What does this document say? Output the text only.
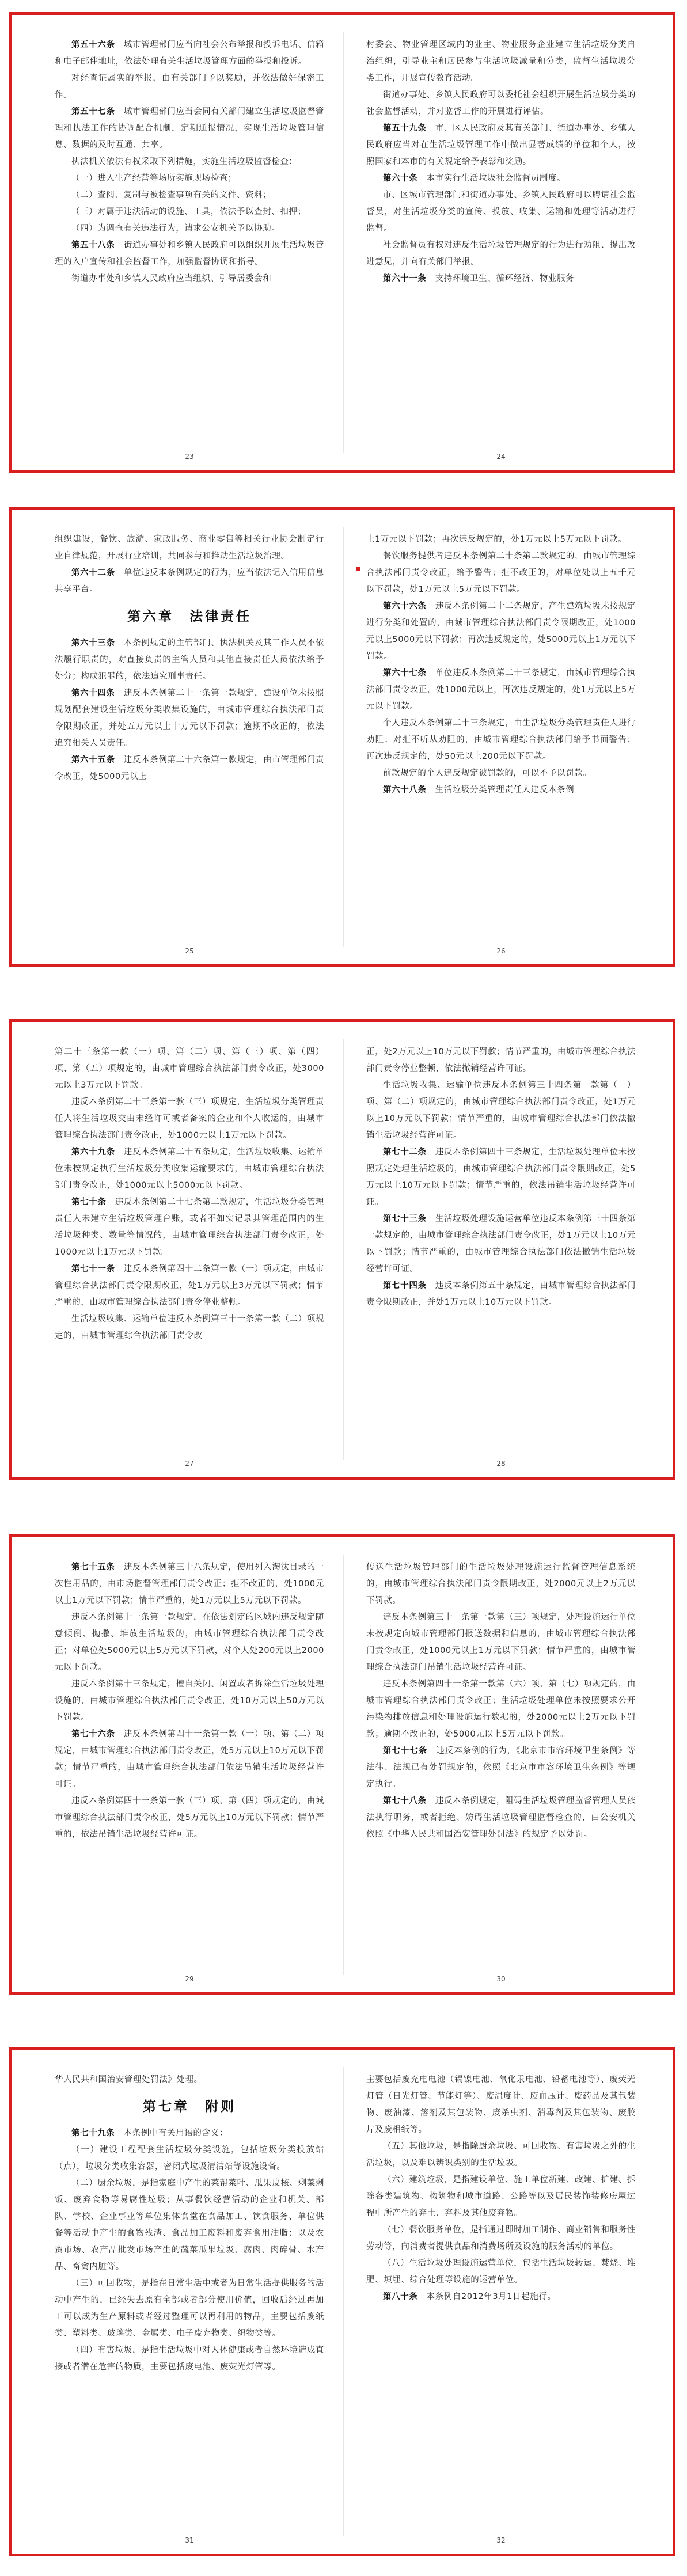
第五十六条　 城市管理部门应当向社会公布举报和投诉电话、信箱和电子邮件地址，依法处理有关生活垃圾管理方面的举报和投诉。

对经查证属实的举报，由有关部门予以奖励，并依法做好保密工作。

第五十七条　 城市管理部门应当会同有关部门建立生活垃圾监督管理和执法工作的协调配合机制，定期通报情况，实现生活垃圾管理信息、数据的及时互通、共享。

执法机关依法有权采取下列措施，实施生活垃圾监督检查：

（一）进入生产经营等场所实施现场检查；

（二）查阅、复制与被检查事项有关的文件、资料；

（三）对属于违法活动的设施、工具，依法予以查封、扣押；

（四）为调查有关违法行为，请求公安机关予以协助。

第五十八条　 街道办事处和乡镇人民政府可以组织开展生活垃圾管理的入户宣传和社会监督工作，加强监督协调和指导。

街道办事处和乡镇人民政府应当组织、引导居委会和

村委会、物业管理区域内的业主、物业服务企业建立生活垃圾分类自治组织，引导业主和居民参与生活垃圾减量和分类，监督生活垃圾分类工作，开展宣传教育活动。

街道办事处、乡镇人民政府可以委托社会组织开展生活垃圾分类的社会监督活动，并对监督工作的开展进行评估。

第五十九条　 市、区人民政府及其有关部门、街道办事处、乡镇人民政府应当对在生活垃圾管理工作中做出显著成绩的单位和个人，按照国家和本市的有关规定给予表彰和奖励。

第六十条　 本市实行生活垃圾社会监督员制度。

市、区城市管理部门和街道办事处、乡镇人民政府可以聘请社会监督员，对生活垃圾分类的宣传、投放、收集、运输和处理等活动进行监督。

社会监督员有权对违反生活垃圾管理规定的行为进行劝阻、提出改进意见，并向有关部门举报。

第六十一条　 支持环境卫生、循环经济、物业服务

23	24

组织建设，餐饮、旅游、家政服务、商业零售等相关行业协会制定行业自律规范，开展行业培训，共同参与和推动生活垃圾治理。

第六十二条　 单位违反本条例规定的行为，应当依法记入信用信息共享平台。

第六章　法律责任

第六十三条　 本条例规定的主管部门、执法机关及其工作人员不依法履行职责的，对直接负责的主管人员和其他直接责任人员依法给予处分；构成犯罪的，依法追究刑事责任。

第六十四条　 违反本条例第二十一条第一款规定，建设单位未按照规划配套建设生活垃圾分类收集设施的，由城市管理综合执法部门责令限期改正，并处五万元以上十万元以下罚款；逾期不改正的，依法追究相关人员责任。

第六十五条　 违反本条例第二十六条第一款规定，由市管理部门责令改正，处5000元以上

上1万元以下罚款；再次违反规定的，处1万元以上5万元以下罚款。

餐饮服务提供者违反本条例第二十条第二款规定的，由城市管理综合执法部门责令改正，给予警告；拒不改正的，对单位处以上五千元以下罚款，处1万元以上5万元以下罚款。

第六十六条　 违反本条例第二十二条规定，产生建筑垃圾未按规定进行分类和处置的，由城市管理综合执法部门责令限期改正，处1000元以上5000元以下罚款；再次违反规定的，处5000元以上1万元以下罚款。

第六十七条　 单位违反本条例第二十三条规定，由城市管理综合执法部门责令改正，处1000元以上，再次违反规定的，处1万元以上5万元以下罚款。

个人违反本条例第二十三条规定，由生活垃圾分类管理责任人进行劝阻；对拒不听从劝阻的，由城市管理综合执法部门给予书面警告；再次违反规定的，处50元以上200元以下罚款。

前款规定的个人违反规定被罚款的，可以不予以罚款。

第六十八条　 生活垃圾分类管理责任人违反本条例

25	26

第二十三条第一款（一）项、第（二）项、第（三）项、第（四）项、第（五）项规定的，由城市管理综合执法部门责令改正，处3000元以上3万元以下罚款。

违反本条例第二十三条第一款（三）项规定，生活垃圾分类管理责任人将生活垃圾交由未经许可或者备案的企业和个人收运的，由城市管理综合执法部门责令改正，处1000元以上1万元以下罚款。

第六十九条　 违反本条例第二十五条规定，生活垃圾收集、运输单位未按规定执行生活垃圾分类收集运输要求的，由城市管理综合执法部门责令改正，处1000元以上5000元以下罚款。

第七十条　 违反本条例第二十七条第二款规定，生活垃圾分类管理责任人未建立生活垃圾管理台账，或者不如实记录其管理范围内的生活垃圾种类、数量等情况的，由城市管理综合执法部门责令改正，处1000元以上1万元以下罚款。

第七十一条　 违反本条例第四十二条第一款（一）项规定，由城市管理综合执法部门责令限期改正，处1万元以上3万元以下罚款；情节严重的，由城市管理综合执法部门责令停业整顿。

生活垃圾收集、运输单位违反本条例第三十一条第一款（二）项规定的，由城市管理综合执法部门责令改

正，处2万元以上10万元以下罚款；情节严重的，由城市管理综合执法部门责令停业整顿，依法撤销经营许可证。

生活垃圾收集、运输单位违反本条例第三十四条第一款第（一）项、第（二）项规定的，由城市管理综合执法部门责令改正，处1万元以上10万元以下罚款；情节严重的，由城市管理综合执法部门依法撤销生活垃圾经营许可证。

第七十二条　 违反本条例第四十三条规定，生活垃圾处理单位未按照规定处理生活垃圾的，由城市管理综合执法部门责令限期改正，处5万元以上10万元以下罚款；情节严重的，依法吊销生活垃圾经营许可证。

第七十三条　 生活垃圾处理设施运营单位违反本条例第三十四条第一款规定的，由城市管理综合执法部门责令改正，处1万元以上10万元以下罚款；情节严重的，由城市管理综合执法部门依法撤销生活垃圾经营许可证。

第七十四条　 违反本条例第五十条规定，由城市管理综合执法部门责令限期改正，并处1万元以上10万元以下罚款。

27	28

第七十五条　 违反本条例第三十八条规定，使用列入淘汰目录的一次性用品的，由市场监督管理部门责令改正；拒不改正的，处1000元以上1万元以下罚款；情节严重的，处1万元以上5万元以下罚款。

违反本条例第十一条第一款规定，在依法划定的区域内违反规定随意倾倒、抛撒、堆放生活垃圾的，由城市管理综合执法部门责令改正；对单位处5000元以上5万元以下罚款，对个人处200元以上2000元以下罚款。

违反本条例第十三条规定，擅自关闭、闲置或者拆除生活垃圾处理设施的，由城市管理综合执法部门责令改正，处10万元以上50万元以下罚款。

第七十六条　 违反本条例第四十一条第一款（一）项、第（二）项规定，由城市管理综合执法部门责令改正，处5万元以上10万元以下罚款；情节严重的，由城市管理综合执法部门依法吊销生活垃圾经营许可证。

违反本条例第四十一条第一款（三）项、第（四）项规定的，由城市管理综合执法部门责令改正，处5万元以上10万元以下罚款；情节严重的，依法吊销生活垃圾经营许可证。

传送生活垃圾管理部门的生活垃圾处理设施运行监督管理信息系统的，由城市管理综合执法部门责令限期改正，处2000元以上2万元以下罚款。

违反本条例第三十一条第一款第（三）项规定，处理设施运行单位未按规定向城市管理部门报送数据和信息的，由城市管理综合执法部门责令改正，处1000元以上1万元以下罚款；情节严重的，由城市管理综合执法部门吊销生活垃圾经营许可证。

违反本条例第四十一条第一款第（六）项、第（七）项规定的，由城市管理综合执法部门责令改正；生活垃圾处理单位未按照要求公开污染物排放信息和处理设施运行数据的，处2000元以上2万元以下罚款；逾期不改正的，处5000元以上5万元以下罚款。

第七十七条　 违反本条例的行为，《北京市市容环境卫生条例》等法律、法规已有处罚规定的，依照《北京市市容环境卫生条例》等规定执行。

第七十八条　 违反本条例规定，阻碍生活垃圾管理监督管理人员依法执行职务，或者拒绝、妨碍生活垃圾管理监督检查的，由公安机关依照《中华人民共和国治安管理处罚法》的规定予以处罚。

29	30

华人民共和国治安管理处罚法》处理。

第七章　附则

第七十九条　 本条例中有关用语的含义：

（一）建设工程配套生活垃圾分类设施，包括垃圾分类投放站（点），垃圾分类收集容器，密闭式垃圾清洁站等设施设备。

（二）厨余垃圾，是指家庭中产生的菜帮菜叶、瓜果皮核、剩菜剩饭、废弃食物等易腐性垃圾；从事餐饮经营活动的企业和机关、部队、学校、企业事业等单位集体食堂在食品加工、饮食服务、单位供餐等活动中产生的食物残渣、食品加工废料和废弃食用油脂；以及农贸市场、农产品批发市场产生的蔬菜瓜果垃圾、腐肉、肉碎骨、水产品、畜禽内脏等。

（三）可回收物，是指在日常生活中或者为日常生活提供服务的活动中产生的，已经失去原有全部或者部分使用价值，回收后经过再加工可以成为生产原料或者经过整理可以再利用的物品，主要包括废纸类、塑料类、玻璃类、金属类、电子废弃物类、织物类等。

（四）有害垃圾，是指生活垃圾中对人体健康或者自然环境造成直接或者潜在危害的物质，主要包括废电池、废荧光灯管等。

主要包括废充电电池（镉镍电池、氧化汞电池、铅蓄电池等）、废荧光灯管（日光灯管、节能灯等）、废温度计、废血压计、废药品及其包装物、废油漆、溶剂及其包装物、废杀虫剂、消毒剂及其包装物、废胶片及废相纸等。

（五）其他垃圾，是指除厨余垃圾、可回收物、有害垃圾之外的生活垃圾，以及难以辨识类别的生活垃圾。

（六）建筑垃圾，是指建设单位、施工单位新建、改建、扩建、拆除各类建筑物、构筑物和城市道路、公路等以及居民装饰装修房屋过程中所产生的弃土、弃料及其他废弃物。

（七）餐饮服务单位，是指通过即时加工制作、商业销售和服务性劳动等，向消费者提供食品和消费场所及设施的服务活动的单位。

（八）生活垃圾处理设施运营单位，包括生活垃圾转运、焚烧、堆肥、填埋、综合处理等设施的运营单位。

第八十条　 本条例自2012年3月1日起施行。

31	32
